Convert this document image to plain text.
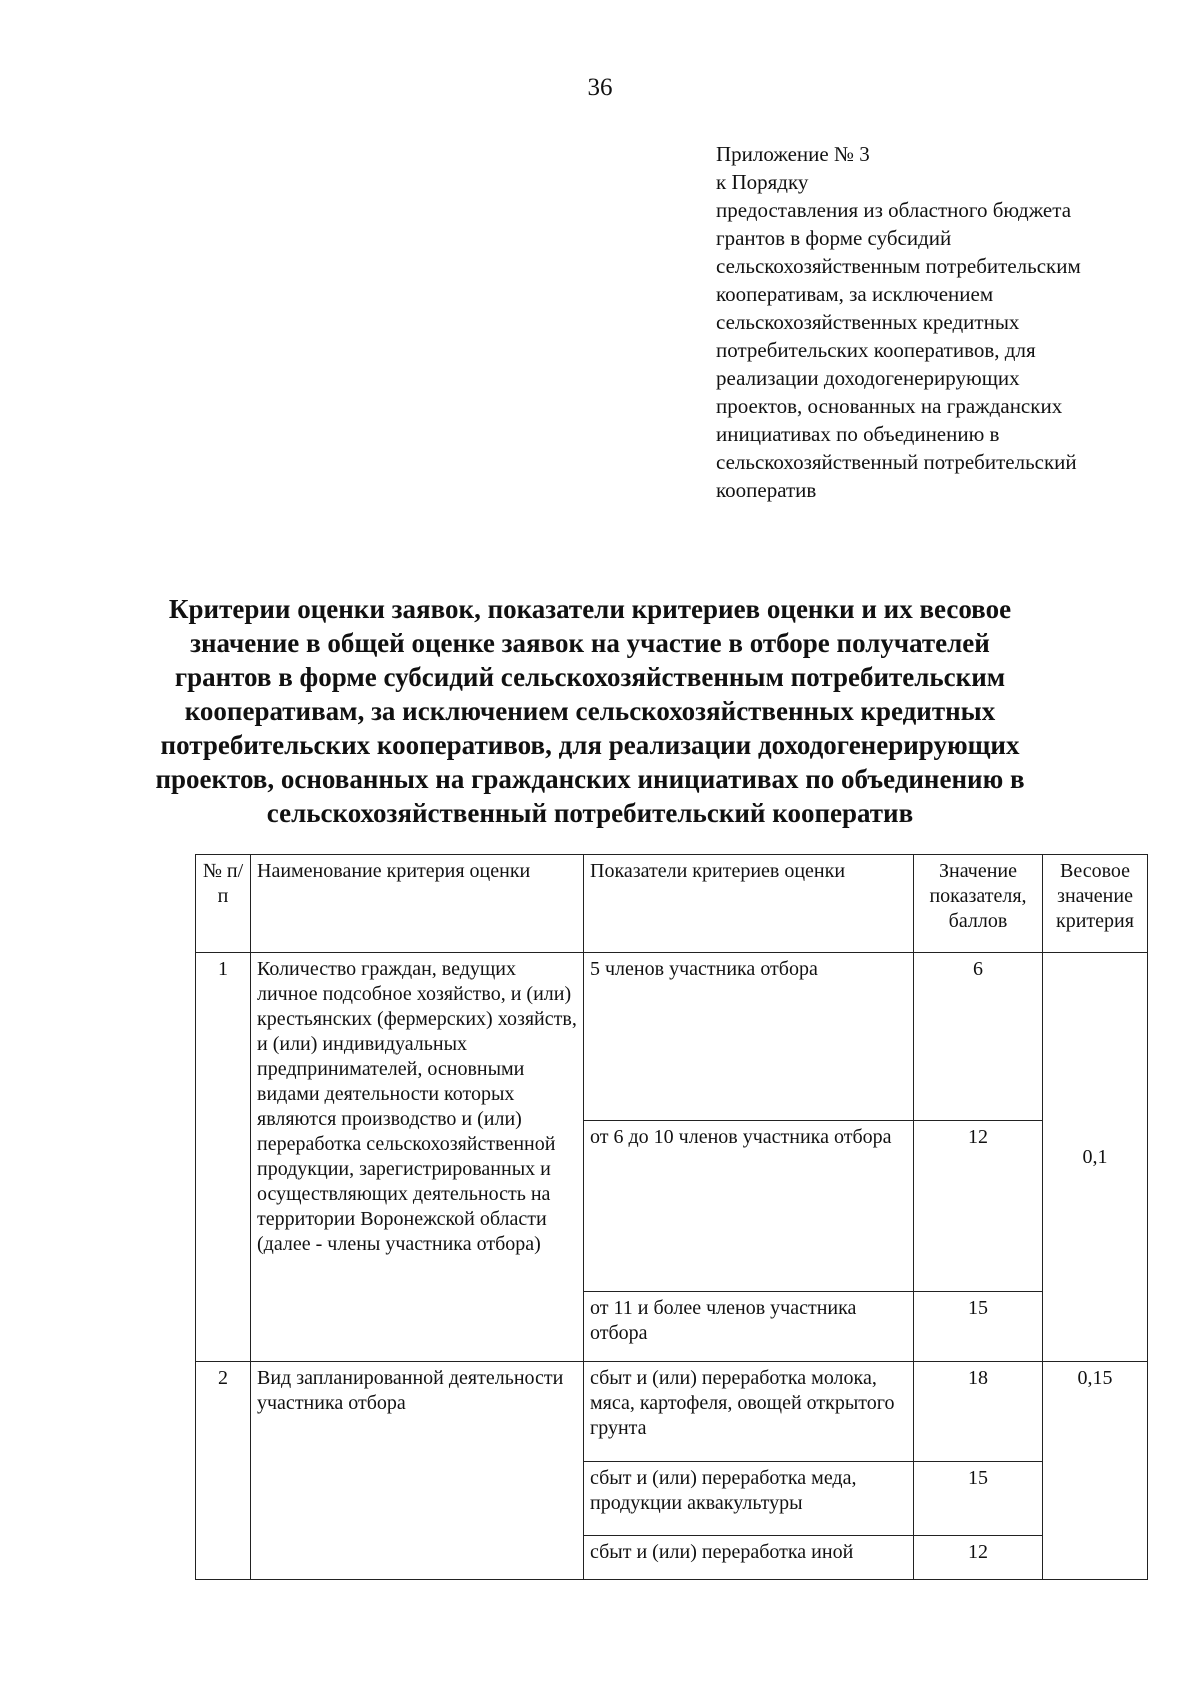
36
Приложение № 3
к Порядку
предоставления из областного бюджета
грантов в форме субсидий
сельскохозяйственным потребительским
кооперативам, за исключением
сельскохозяйственных кредитных
потребительских кооперативов, для
реализации доходогенерирующих
проектов, основанных на гражданских
инициативах по объединению в
сельскохозяйственный потребительский
кооператив
Критерии оценки заявок, показатели критериев оценки и их весовое
значение в общей оценке заявок на участие в отборе получателей
грантов в форме субсидий сельскохозяйственным потребительским
кооперативам, за исключением сельскохозяйственных кредитных
потребительских кооперативов, для реализации доходогенерирующих
проектов, основанных на гражданских инициативах по объединению в
сельскохозяйственный потребительский кооператив
№ п/п	Наименование критерия оценки	Показатели критериев оценки	Значение показателя, баллов	Весовое значение критерия
1	Количество граждан, ведущих личное подсобное хозяйство, и (или) крестьянских (фермерских) хозяйств, и (или) индивидуальных предпринимателей, основными видами деятельности которых являются производство и (или) переработка сельскохозяйственной продукции, зарегистрированных и осуществляющих деятельность на территории Воронежской области (далее - члены участника отбора)	5 членов участника отбора	6	0,1
		от 6 до 10 членов участника отбора	12	
		от 11 и более членов участника отбора	15	
2	Вид запланированной деятельности участника отбора	сбыт и (или) переработка молока, мяса, картофеля, овощей открытого грунта	18	0,15
		сбыт и (или) переработка меда, продукции аквакультуры	15	
		сбыт и (или) переработка иной	12	
